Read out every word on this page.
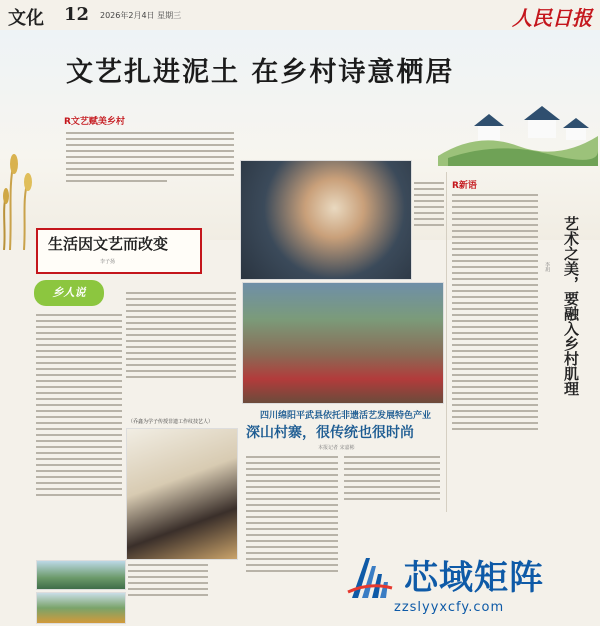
文化 12 2026年2月4日 星期三	人民日报
文艺扎进泥土 在乡村诗意栖居
R文艺赋美乡村
生活因文艺而改变
李子扬
乡人说
（乔鑫为学子传授非遗工作纹技艺人）
四川绵阳平武县依托非遗活艺发展特色产业
深山村寨，很传统也很时尚
本报记者 宋嘉彬
R新语
艺术之美，要融入乡村肌理
李玥
芯域矩阵
zzslyyxcfy.com
